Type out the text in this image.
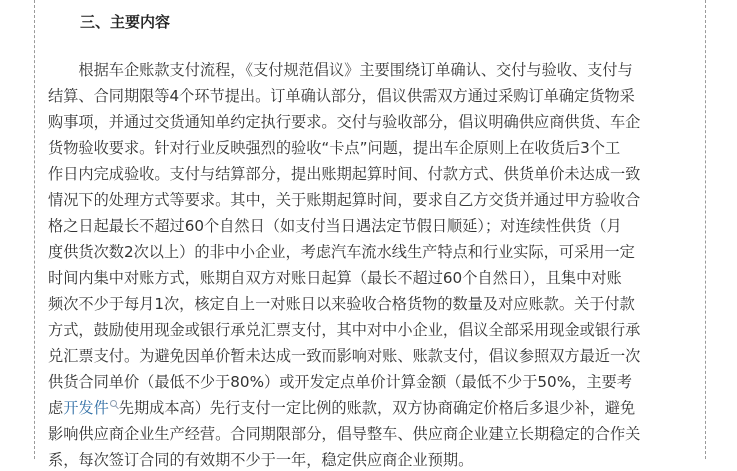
三、主要内容
　　根据车企账款支付流程，《支付规范倡议》主要围绕订单确认、交付与验收、支付与
结算、合同期限等4个环节提出。订单确认部分，倡议供需双方通过采购订单确定货物采
购事项，并通过交货通知单约定执行要求。交付与验收部分，倡议明确供应商供货、车企
货物验收要求。针对行业反映强烈的验收“卡点”问题，提出车企原则上在收货后3个工
作日内完成验收。支付与结算部分，提出账期起算时间、付款方式、供货单价未达成一致
情况下的处理方式等要求。其中，关于账期起算时间，要求自乙方交货并通过甲方验收合
格之日起最长不超过60个自然日（如支付当日遇法定节假日顺延）；对连续性供货（月
度供货次数2次以上）的非中小企业，考虑汽车流水线生产特点和行业实际，可采用一定
时间内集中对账方式，账期自双方对账日起算（最长不超过60个自然日），且集中对账
频次不少于每月1次，核定自上一对账日以来验收合格货物的数量及对应账款。关于付款
方式，鼓励使用现金或银行承兑汇票支付，其中对中小企业，倡议全部采用现金或银行承
兑汇票支付。为避免因单价暂未达成一致而影响对账、账款支付，倡议参照双方最近一次
供货合同单价（最低不少于80%）或开发定点单价计算金额（最低不少于50%，主要考
虑开发件 先期成本高）先行支付一定比例的账款，双方协商确定价格后多退少补，避免
影响供应商企业生产经营。合同期限部分，倡导整车、供应商企业建立长期稳定的合作关
系，每次签订合同的有效期不少于一年，稳定供应商企业预期。
